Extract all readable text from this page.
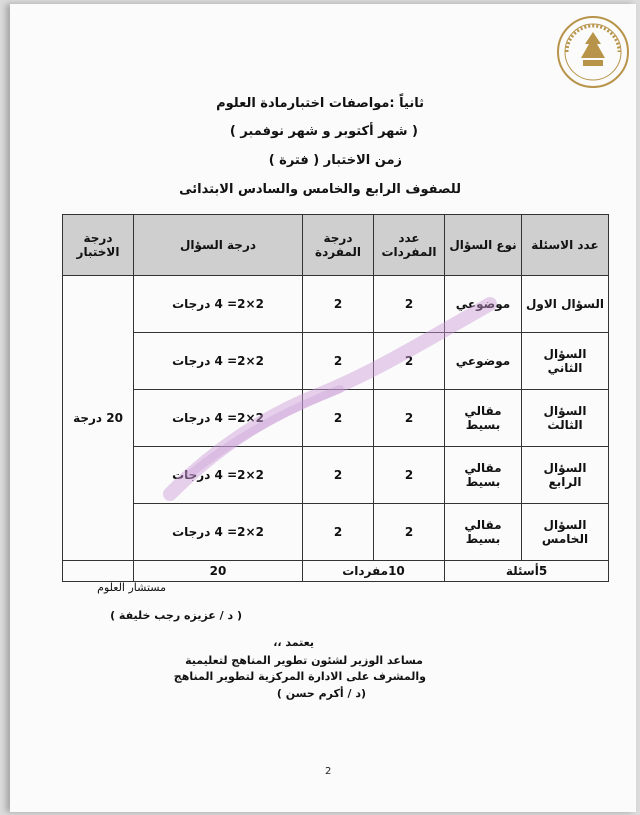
ثانياً :مواصفات اختبارمادة العلوم
( شهر أكتوبر و شهر نوفمبر )
زمن الاختبار ( فترة )
للصفوف الرابع والخامس والسادس الابتدائى
عدد الاسئلة	نوع السؤال	عدد المفردات	درجة المفردة	درجة السؤال	درجة الاختبار
السؤال الاول	موضوعي	2	2	2×2= 4 درجات	20 درجة
السؤال الثاني	موضوعي	2	2	2×2= 4 درجات	
السؤال الثالث	مقالي بسيط	2	2	2×2= 4 درجات	
السؤال الرابع	مقالي بسيط	2	2	2×2= 4 درجات	
السؤال الخامس	مقالي بسيط	2	2	2×2= 4 درجات	
5أسئلة		10مفردات		20	
مستشار العلوم
( د / عزيزه رجب خليفة )
يعتمد ،،
مساعد الوزير لشئون تطوير المناهج لتعليمية
والمشرف على الادارة المركزية لتطوير المناهج
(د / أكرم حسن )
2
